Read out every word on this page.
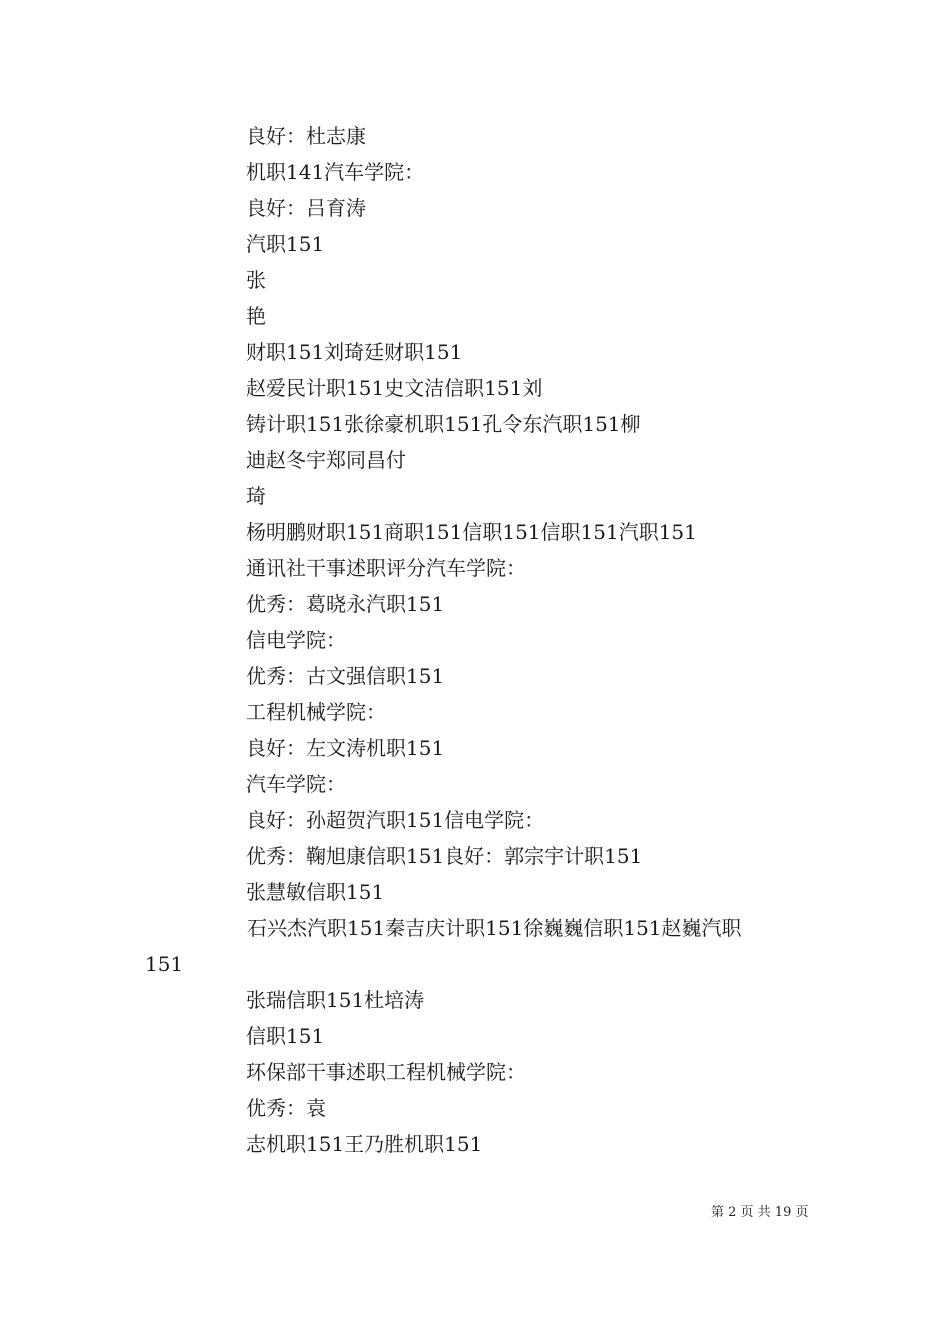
良好：杜志康
机职141汽车学院：
良好：吕育涛
汽职151
张
艳
财职151刘琦廷财职151
赵爱民计职151史文洁信职151刘
铸计职151张徐豪机职151孔令东汽职151柳
迪赵冬宇郑同昌付
琦
杨明鹏财职151商职151信职151信职151汽职151
通讯社干事述职评分汽车学院：
优秀：葛晓永汽职151
信电学院：
优秀：古文强信职151
工程机械学院：
良好：左文涛机职151
汽车学院：
良好：孙超贺汽职151信电学院：
优秀：鞠旭康信职151良好：郭宗宇计职151
张慧敏信职151
石兴杰汽职151秦吉庆计职151徐巍巍信职151赵巍汽职
151
张瑞信职151杜培涛
信职151
环保部干事述职工程机械学院：
优秀：袁
志机职151王乃胜机职151
第 2 页 共 19 页
